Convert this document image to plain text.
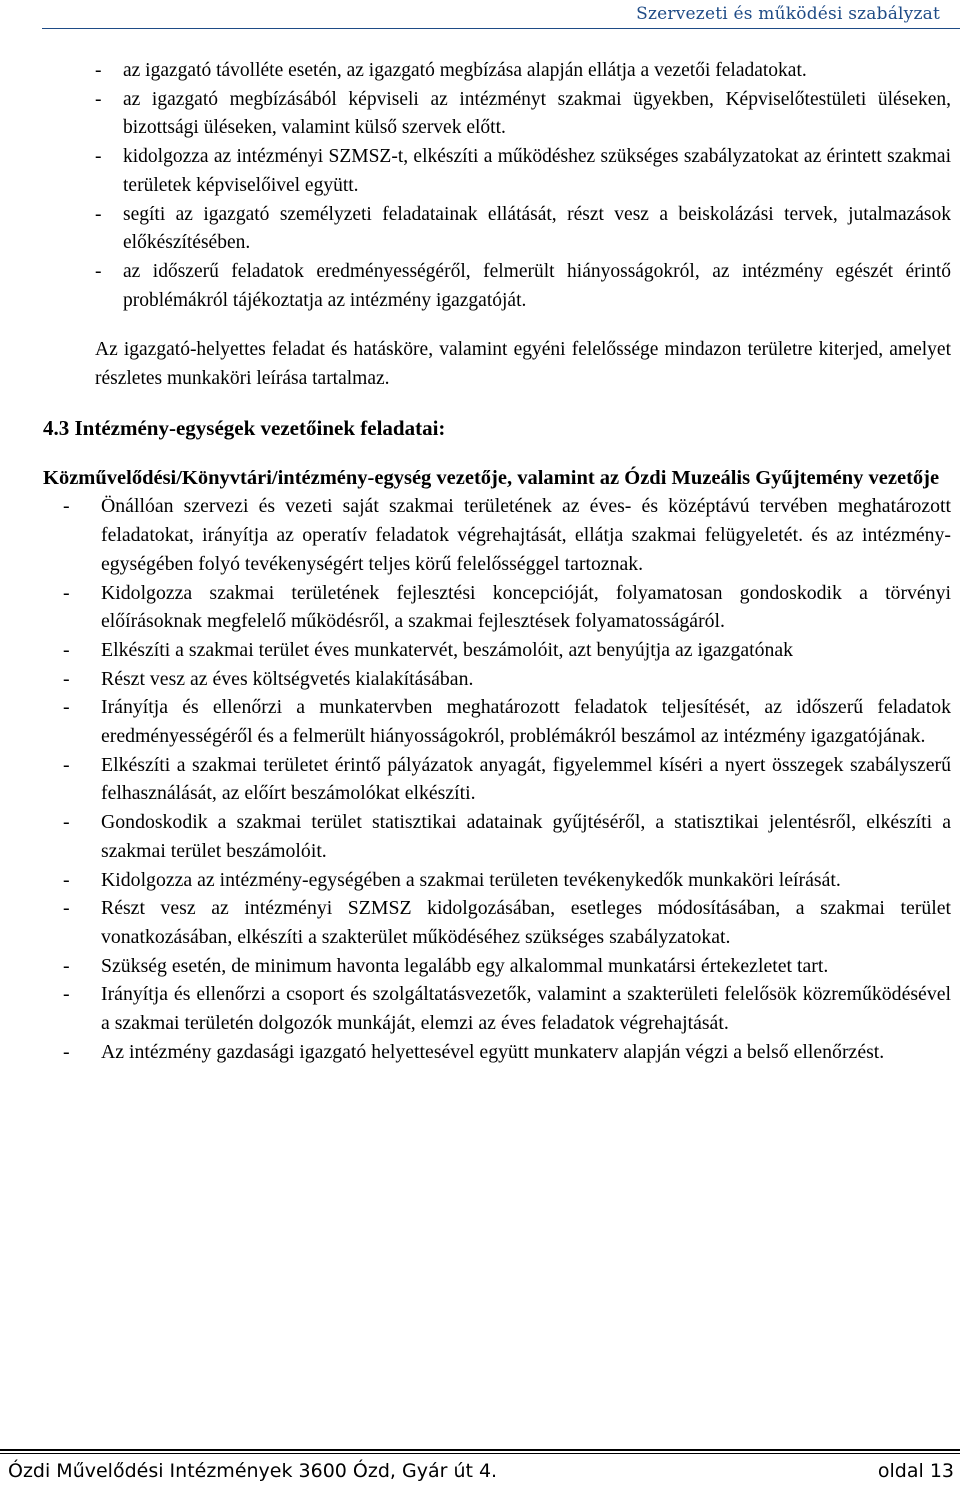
Szervezeti és működési szabályzat
- az igazgató távolléte esetén, az igazgató megbízása alapján ellátja a vezetői feladatokat.
- az igazgató megbízásából képviseli az intézményt szakmai ügyekben, Képviselőtestületi üléseken, bizottsági üléseken, valamint külső szervek előtt.
- kidolgozza az intézményi SZMSZ-t, elkészíti a működéshez szükséges szabályzatokat az érintett szakmai területek képviselőivel együtt.
- segíti az igazgató személyzeti feladatainak ellátását, részt vesz a beiskolázási tervek, jutalmazások előkészítésében.
- az időszerű feladatok eredményességéről, felmerült hiányosságokról, az intézmény egészét érintő problémákról tájékoztatja az intézmény igazgatóját.

Az igazgató-helyettes feladat és hatásköre, valamint egyéni felelőssége mindazon területre kiterjed, amelyet részletes munkaköri leírása tartalmaz.

4.3 Intézmény-egységek vezetőinek feladatai:
Közművelődési/Könyvtári/intézmény-egység vezetője, valamint az Ózdi Muzeális Gyűjtemény vezetője
- Önállóan szervezi és vezeti saját szakmai területének az éves- és középtávú tervében meghatározott feladatokat, irányítja az operatív feladatok végrehajtását, ellátja szakmai felügyeletét. és az intézmény-egységében folyó tevékenységért teljes körű felelősséggel tartoznak.
- Kidolgozza szakmai területének fejlesztési koncepcióját, folyamatosan gondoskodik a törvényi előírásoknak megfelelő működésről, a szakmai fejlesztések folyamatosságáról.
- Elkészíti a szakmai terület éves munkatervét, beszámolóit, azt benyújtja az igazgatónak
- Részt vesz az éves költségvetés kialakításában.
- Irányítja és ellenőrzi a munkatervben meghatározott feladatok teljesítését, az időszerű feladatok eredményességéről és a felmerült hiányosságokról, problémákról beszámol az intézmény igazgatójának.
- Elkészíti a szakmai területet érintő pályázatok anyagát, figyelemmel kíséri a nyert összegek szabályszerű felhasználását, az előírt beszámolókat elkészíti.
- Gondoskodik a szakmai terület statisztikai adatainak gyűjtéséről, a statisztikai jelentésről, elkészíti a szakmai terület beszámolóit.
- Kidolgozza az intézmény-egységében a szakmai területen tevékenykedők munkaköri leírását.
- Részt vesz az intézményi SZMSZ kidolgozásában, esetleges módosításában, a szakmai terület vonatkozásában, elkészíti a szakterület működéséhez szükséges szabályzatokat.
- Szükség esetén, de minimum havonta legalább egy alkalommal munkatársi értekezletet tart.
- Irányítja és ellenőrzi a csoport és szolgáltatásvezetők, valamint a szakterületi felelősök közreműködésével a szakmai területén dolgozók munkáját, elemzi az éves feladatok végrehajtását.
- Az intézmény gazdasági igazgató helyettesével együtt munkaterv alapján végzi a belső ellenőrzést.
Ózdi Művelődési Intézmények 3600 Ózd, Gyár út 4.	oldal 13
